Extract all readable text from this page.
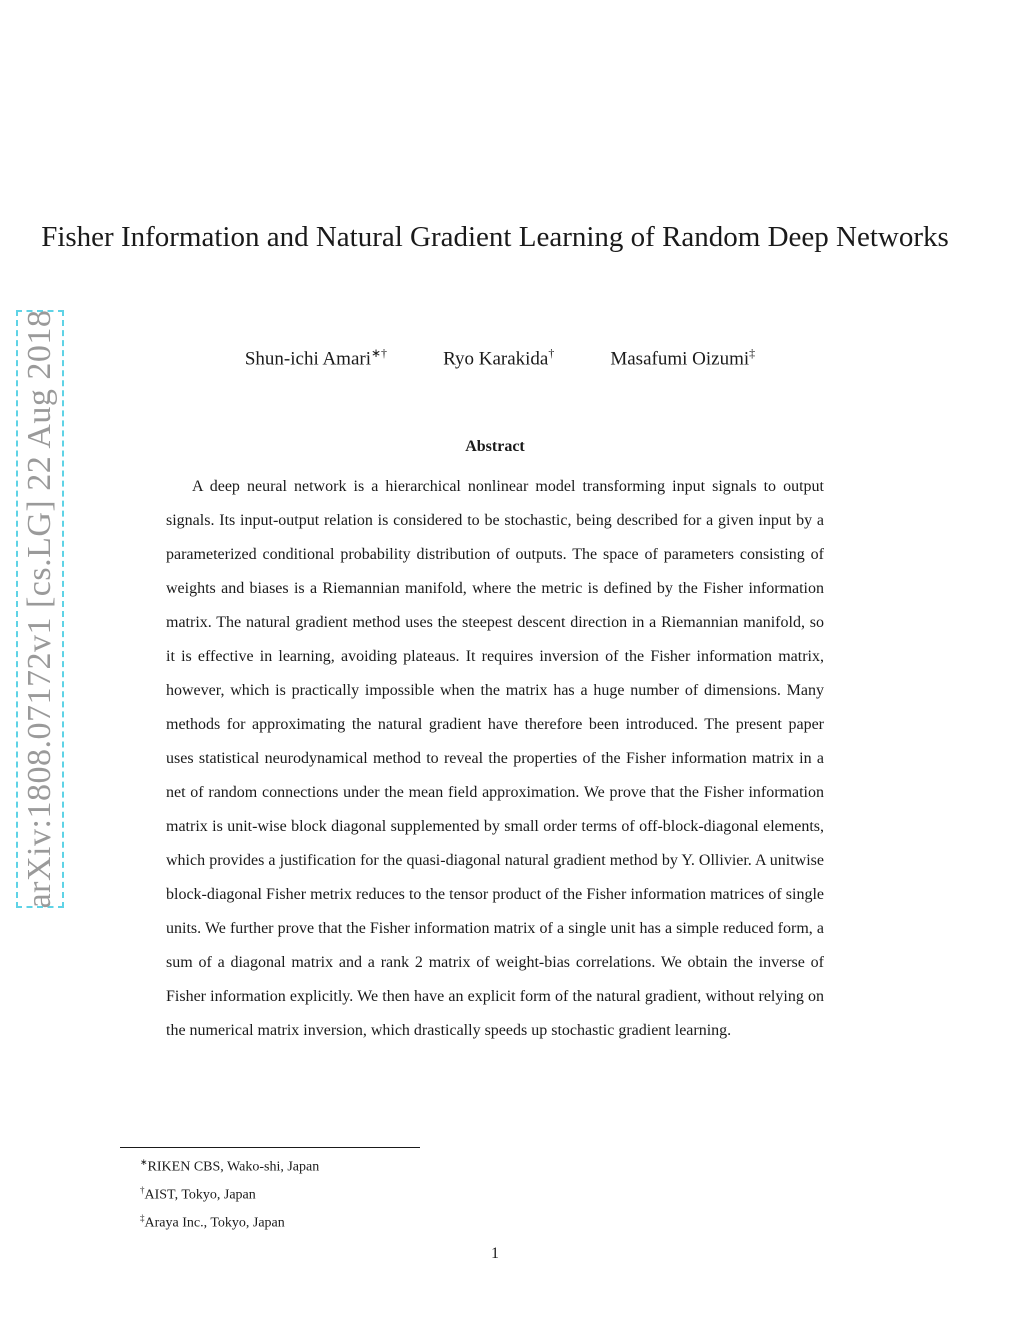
arXiv:1808.07172v1 [cs.LG] 22 Aug 2018
Fisher Information and Natural Gradient Learning of Random Deep Networks
Shun-ichi Amari∗†	Ryo Karakida†	Masafumi Oizumi‡
Abstract

A deep neural network is a hierarchical nonlinear model transforming input signals to output signals. Its input-output relation is considered to be stochastic, being described for a given input by a parameterized conditional probability distribution of outputs. The space of parameters consisting of weights and biases is a Riemannian manifold, where the metric is defined by the Fisher information matrix. The natural gradient method uses the steepest descent direction in a Riemannian manifold, so it is effective in learning, avoiding plateaus. It requires inversion of the Fisher information matrix, however, which is practically impossible when the matrix has a huge number of dimensions. Many methods for approximating the natural gradient have therefore been introduced. The present paper uses statistical neurodynamical method to reveal the properties of the Fisher information matrix in a net of random connections under the mean field approximation. We prove that the Fisher information matrix is unit-wise block diagonal supplemented by small order terms of off-block-diagonal elements, which provides a justification for the quasi-diagonal natural gradient method by Y. Ollivier. A unitwise block-diagonal Fisher metrix reduces to the tensor product of the Fisher information matrices of single units. We further prove that the Fisher information matrix of a single unit has a simple reduced form, a sum of a diagonal matrix and a rank 2 matrix of weight-bias correlations. We obtain the inverse of Fisher information explicitly. We then have an explicit form of the natural gradient, without relying on the numerical matrix inversion, which drastically speeds up stochastic gradient learning.

∗RIKEN CBS, Wako-shi, Japan
†AIST, Tokyo, Japan
‡Araya Inc., Tokyo, Japan
1
